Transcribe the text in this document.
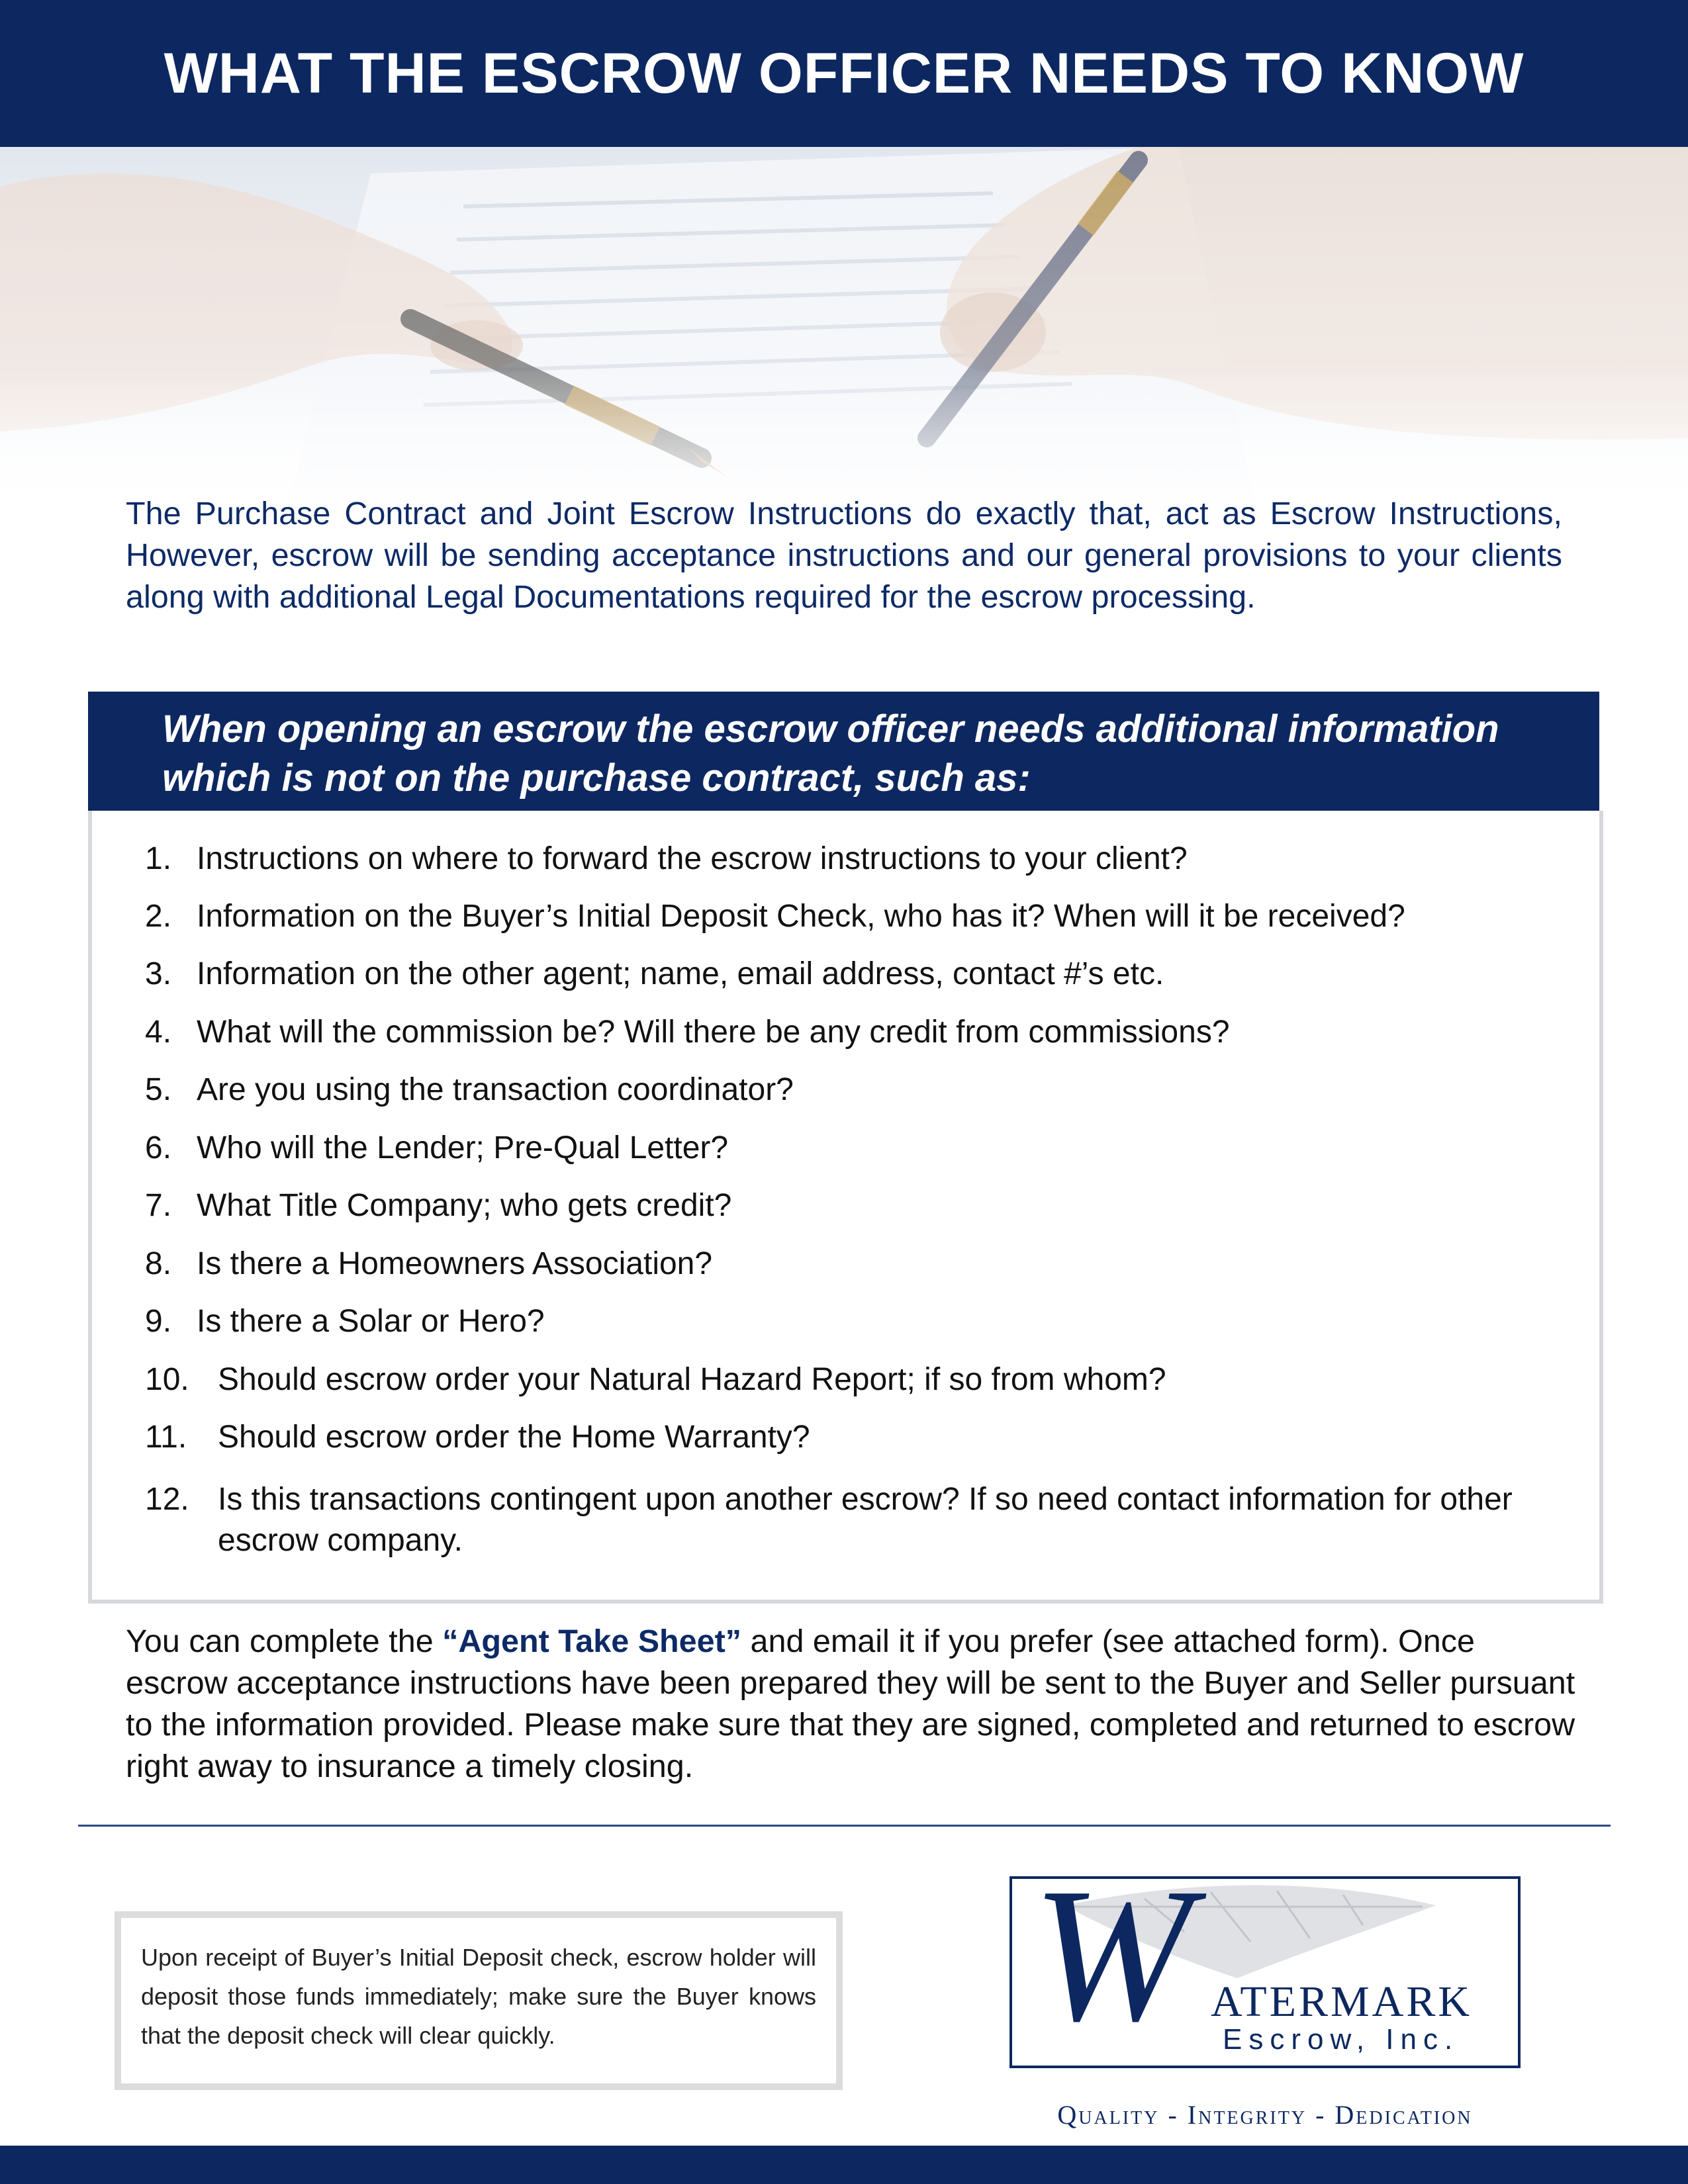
WHAT THE ESCROW OFFICER NEEDS TO KNOW

The Purchase Contract and Joint Escrow Instructions do exactly that, act as Escrow Instructions, However, escrow will be sending acceptance instructions and our general provisions to your clients along with additional Legal Documentations required for the escrow processing.

When opening an escrow the escrow officer needs additional information which is not on the purchase contract, such as:
1. Instructions on where to forward the escrow instructions to your client?
2. Information on the Buyer’s Initial Deposit Check, who has it? When will it be received?
3. Information on the other agent; name, email address, contact #’s etc.
4. What will the commission be? Will there be any credit from commissions?
5. Are you using the transaction coordinator?
6. Who will the Lender; Pre-Qual Letter?
7. What Title Company; who gets credit?
8. Is there a Homeowners Association?
9. Is there a Solar or Hero?
10. Should escrow order your Natural Hazard Report; if so from whom?
11. Should escrow order the Home Warranty?
12. Is this transactions contingent upon another escrow? If so need contact information for other escrow company.

You can complete the “Agent Take Sheet” and email it if you prefer (see attached form). Once escrow acceptance instructions have been prepared they will be sent to the Buyer and Seller pursuant to the information provided. Please make sure that they are signed, completed and returned to escrow right away to insurance a timely closing.

Upon receipt of Buyer’s Initial Deposit check, escrow holder will deposit those funds immediately; make sure the Buyer knows that the deposit check will clear quickly.	W ATERMARK
Escrow, Inc.
Quality - Integrity - Dedication
